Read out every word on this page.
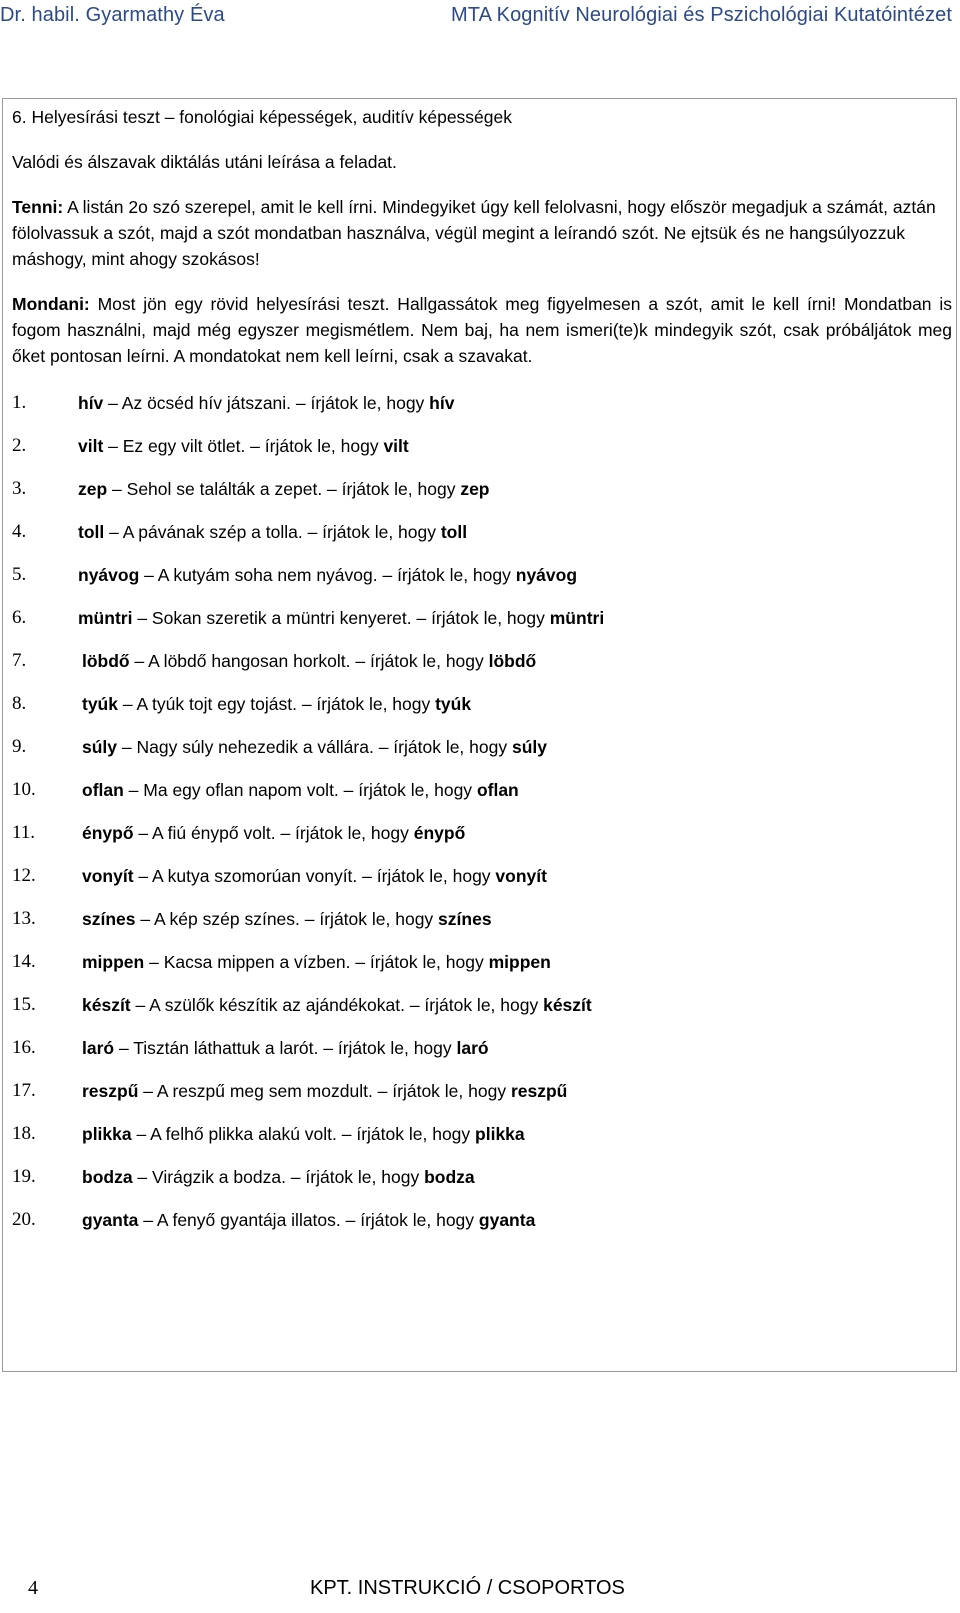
Dr. habil. Gyarmathy Éva	MTA Kognitív Neurológiai és Pszichológiai Kutatóintézet

6. Helyesírási teszt – fonológiai képességek, auditív képességek

Valódi és álszavak diktálás utáni leírása a feladat.

Tenni: A listán 2o szó szerepel, amit le kell írni. Mindegyiket úgy kell felolvasni, hogy először megadjuk a számát, aztán fölolvassuk a szót, majd a szót mondatban használva, végül megint a leírandó szót. Ne ejtsük és ne hangsúlyozzuk máshogy, mint ahogy szokásos!

Mondani: Most jön egy rövid helyesírási teszt. Hallgassátok meg figyelmesen a szót, amit le kell írni! Mondatban is fogom használni, majd még egyszer megismétlem. Nem baj, ha nem ismeri(te)k mindegyik szót, csak próbáljátok meg őket pontosan leírni. A mondatokat nem kell leírni, csak a szavakat.

1.	hív – Az öcséd hív játszani. – írjátok le, hogy hív
2.	vilt – Ez egy vilt ötlet. – írjátok le, hogy vilt
3.	zep – Sehol se találták a zepet. – írjátok le, hogy zep
4.	toll – A pávának szép a tolla. – írjátok le, hogy toll
5.	nyávog – A kutyám soha nem nyávog. – írjátok le, hogy nyávog
6.	müntri – Sokan szeretik a müntri kenyeret. – írjátok le, hogy müntri
7.	löbdő – A löbdő hangosan horkolt. – írjátok le, hogy löbdő
8.	tyúk – A tyúk tojt egy tojást. – írjátok le, hogy tyúk
9.	súly – Nagy súly nehezedik a vállára. – írjátok le, hogy súly
10.	oflan – Ma egy oflan napom volt. – írjátok le, hogy oflan
11.	énypő – A fiú énypő volt. – írjátok le, hogy énypő
12.	vonyít – A kutya szomorúan vonyít. – írjátok le, hogy vonyít
13.	színes – A kép szép színes. – írjátok le, hogy színes
14.	mippen – Kacsa mippen a vízben. – írjátok le, hogy mippen
15.	készít – A szülők készítik az ajándékokat. – írjátok le, hogy készít
16.	laró – Tisztán láthattuk a larót. – írjátok le, hogy laró
17.	reszpű – A reszpű meg sem mozdult. – írjátok le, hogy reszpű
18.	plikka – A felhő plikka alakú volt. – írjátok le, hogy plikka
19.	bodza – Virágzik a bodza. – írjátok le, hogy bodza
20.	gyanta – A fenyő gyantája illatos. – írjátok le, hogy gyanta
4	KPT. INSTRUKCIÓ / CSOPORTOS
